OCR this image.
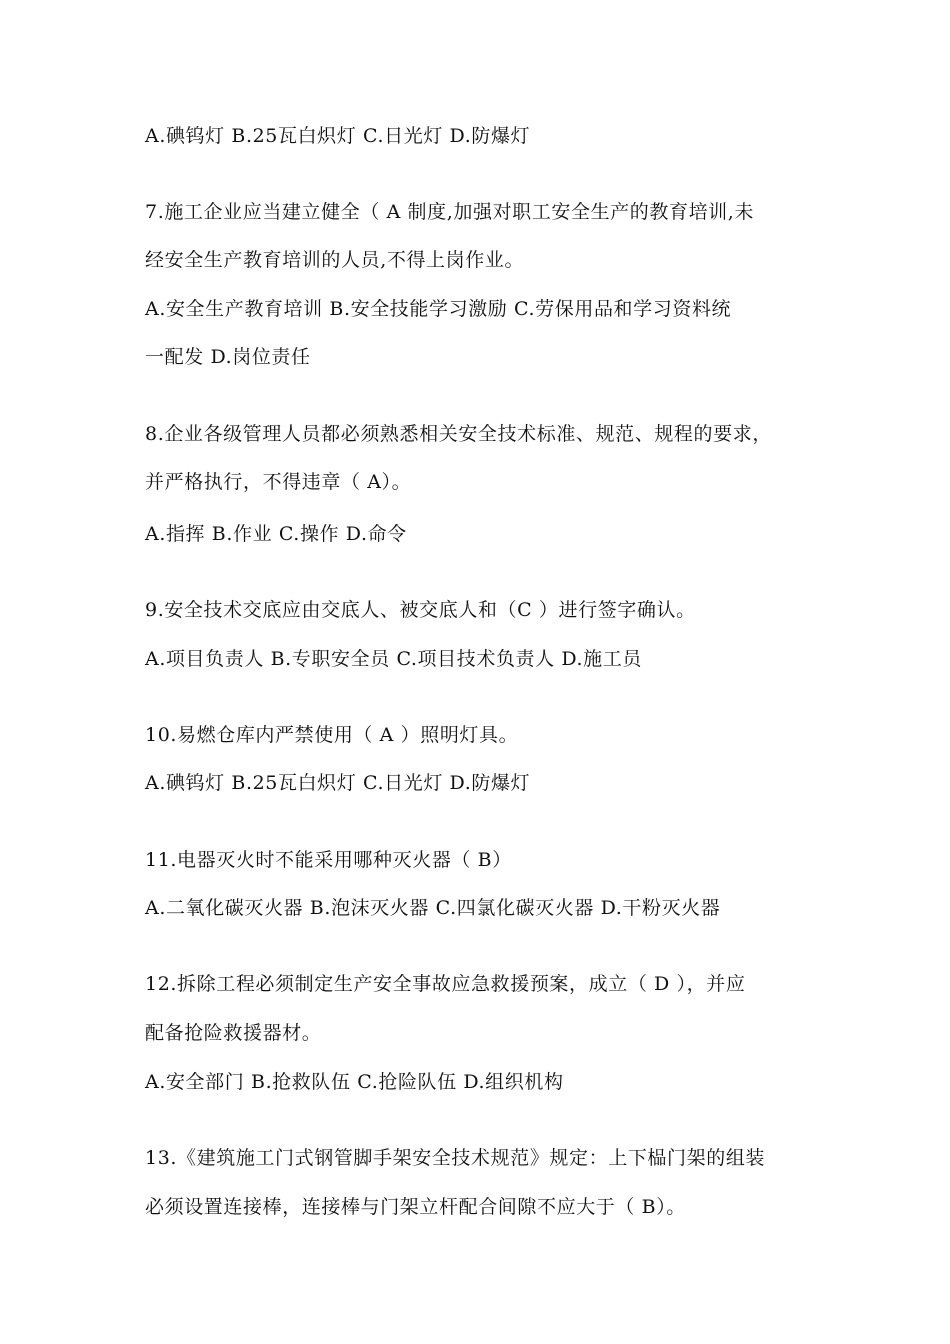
A.碘钨灯 B.25瓦白炽灯 C.日光灯 D.防爆灯
7.施工企业应当建立健全（ A 制度,加强对职工安全生产的教育培训,未
经安全生产教育培训的人员,不得上岗作业。
A.安全生产教育培训 B.安全技能学习激励 C.劳保用品和学习资料统
一配发 D.岗位责任
8.企业各级管理人员都必须熟悉相关安全技术标准、规范、规程的要求，
并严格执行，不得违章（ A）。
A.指挥 B.作业 C.操作 D.命令
9.安全技术交底应由交底人、被交底人和（C ）进行签字确认。
A.项目负责人 B.专职安全员 C.项目技术负责人 D.施工员
10.易燃仓库内严禁使用（ A ）照明灯具。
A.碘钨灯 B.25瓦白炽灯 C.日光灯 D.防爆灯
11.电器灭火时不能采用哪种灭火器（ B）
A.二氧化碳灭火器 B.泡沫灭火器 C.四氯化碳灭火器 D.干粉灭火器
12.拆除工程必须制定生产安全事故应急救援预案，成立（ D ），并应
配备抢险救援器材。
A.安全部门 B.抢救队伍 C.抢险队伍 D.组织机构
13.《建筑施工门式钢管脚手架安全技术规范》规定：上下榀门架的组装
必须设置连接棒，连接棒与门架立杆配合间隙不应大于（ B）。
